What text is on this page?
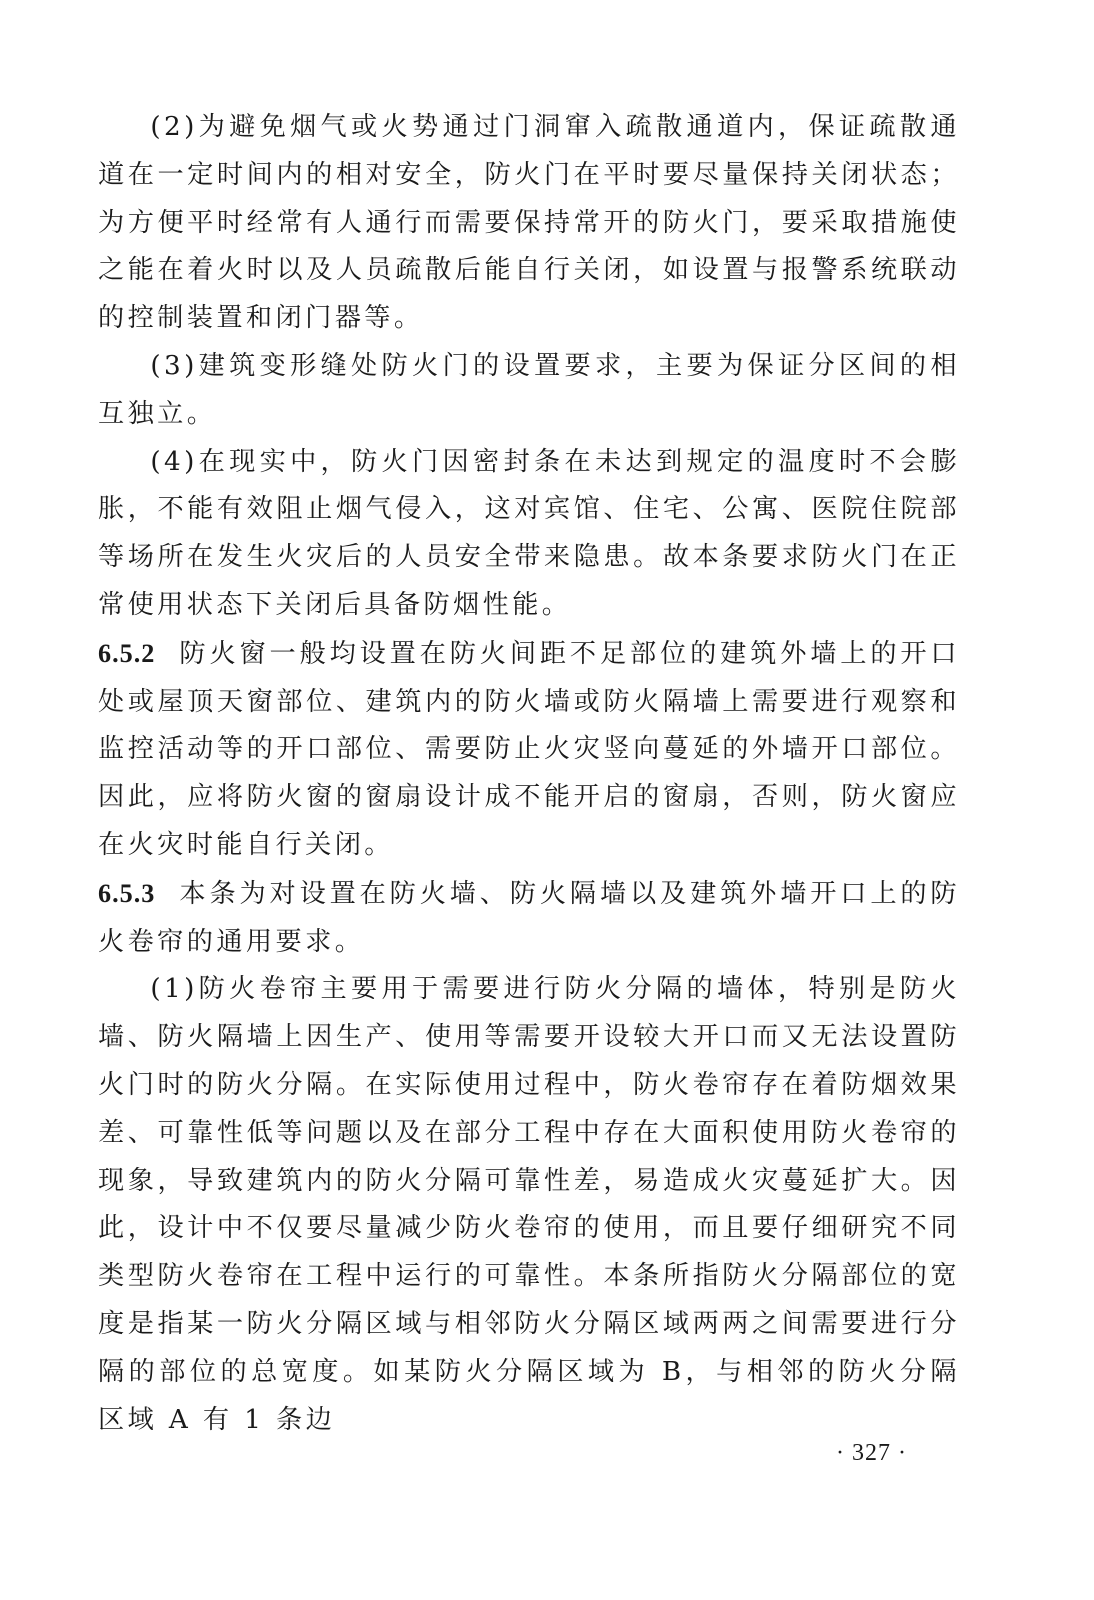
(2)为避免烟气或火势通过门洞窜入疏散通道内，保证疏散通道在一定时间内的相对安全，防火门在平时要尽量保持关闭状态；为方便平时经常有人通行而需要保持常开的防火门，要采取措施使之能在着火时以及人员疏散后能自行关闭，如设置与报警系统联动的控制装置和闭门器等。

(3)建筑变形缝处防火门的设置要求，主要为保证分区间的相互独立。

(4)在现实中，防火门因密封条在未达到规定的温度时不会膨胀，不能有效阻止烟气侵入，这对宾馆、住宅、公寓、医院住院部等场所在发生火灾后的人员安全带来隐患。故本条要求防火门在正常使用状态下关闭后具备防烟性能。

6.5.2 防火窗一般均设置在防火间距不足部位的建筑外墙上的开口处或屋顶天窗部位、建筑内的防火墙或防火隔墙上需要进行观察和监控活动等的开口部位、需要防止火灾竖向蔓延的外墙开口部位。因此，应将防火窗的窗扇设计成不能开启的窗扇，否则，防火窗应在火灾时能自行关闭。

6.5.3 本条为对设置在防火墙、防火隔墙以及建筑外墙开口上的防火卷帘的通用要求。

(1)防火卷帘主要用于需要进行防火分隔的墙体，特别是防火墙、防火隔墙上因生产、使用等需要开设较大开口而又无法设置防火门时的防火分隔。在实际使用过程中，防火卷帘存在着防烟效果差、可靠性低等问题以及在部分工程中存在大面积使用防火卷帘的现象，导致建筑内的防火分隔可靠性差，易造成火灾蔓延扩大。因此，设计中不仅要尽量减少防火卷帘的使用，而且要仔细研究不同类型防火卷帘在工程中运行的可靠性。本条所指防火分隔部位的宽度是指某一防火分隔区域与相邻防火分隔区域两两之间需要进行分隔的部位的总宽度。如某防火分隔区域为 B，与相邻的防火分隔区域 A 有 1 条边

· 327 ·
